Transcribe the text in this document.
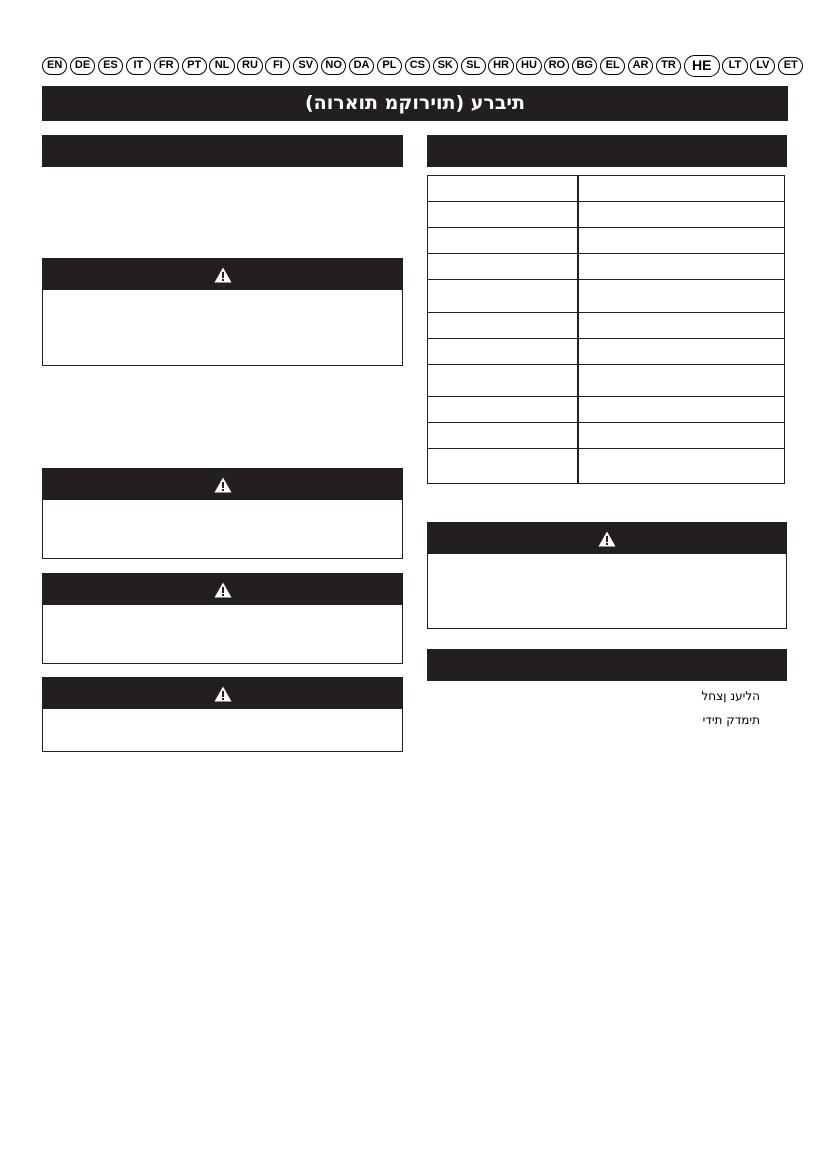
EN	DE	ES	IT	FR	PT	NL	RU	FI	SV	NO	DA	PL	CS	SK	SL	HR	HU	RO	BG	EL	AR	TR	HE	LT	LV	ET
תיברע (תוירוקמ תוארוה)
הליענ ןצחל
תימדק תידי
